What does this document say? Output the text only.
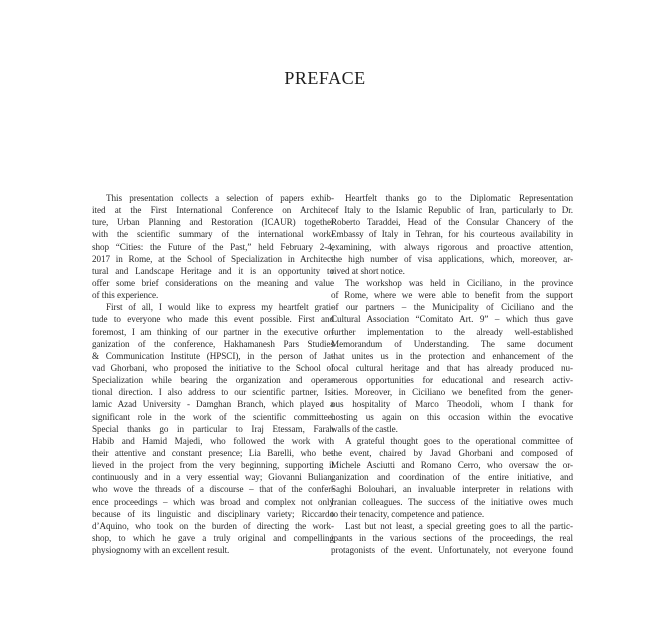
PREFACE
This presentation collects a selection of papers exhib-
ited at the First International Conference on Architec-
ture, Urban Planning and Restoration (ICAUR) together
with the scientific summary of the international work-
shop “Cities: the Future of the Past,” held February 2-4,
2017 in Rome, at the School of Specialization in Architec-
tural and Landscape Heritage and it is an opportunity to
offer some brief considerations on the meaning and value
of this experience.
First of all, I would like to express my heartfelt grati-
tude to everyone who made this event possible. First and
foremost, I am thinking of our partner in the executive or-
ganization of the conference, Hakhamanesh Pars Studies
& Communication Institute (HPSCI), in the person of Ja-
vad Ghorbani, who proposed the initiative to the School of
Specialization while bearing the organization and opera-
tional direction. I also address to our scientific partner, Is-
lamic Azad University - Damghan Branch, which played a
significant role in the work of the scientific committee.
Special thanks go in particular to Iraj Etessam, Farah
Habib and Hamid Majedi, who followed the work with
their attentive and constant presence; Lia Barelli, who be-
lieved in the project from the very beginning, supporting it
continuously and in a very essential way; Giovanni Bulian,
who wove the threads of a discourse – that of the confer-
ence proceedings – which was broad and complex not only
because of its linguistic and disciplinary variety; Riccardo
d’Aquino, who took on the burden of directing the work-
shop, to which he gave a truly original and compelling
physiognomy with an excellent result.
Heartfelt thanks go to the Diplomatic Representation
of Italy to the Islamic Republic of Iran, particularly to Dr.
Roberto Taraddei, Head of the Consular Chancery of the
Embassy of Italy in Tehran, for his courteous availability in
examining, with always rigorous and proactive attention,
the high number of visa applications, which, moreover, ar-
rived at short notice.
The workshop was held in Ciciliano, in the province
of Rome, where we were able to benefit from the support
of our partners – the Municipality of Ciciliano and the
Cultural Association “Comitato Art. 9” – which thus gave
further implementation to the already well-established
Memorandum of Understanding. The same document
that unites us in the protection and enhancement of the
local cultural heritage and that has already produced nu-
merous opportunities for educational and research activ-
ities. Moreover, in Ciciliano we benefited from the gener-
ous hospitality of Marco Theodoli, whom I thank for
hosting us again on this occasion within the evocative
walls of the castle.
A grateful thought goes to the operational committee of
the event, chaired by Javad Ghorbani and composed of
Michele Asciutti and Romano Cerro, who oversaw the or-
ganization and coordination of the entire initiative, and
Saghi Bolouhari, an invaluable interpreter in relations with
Iranian colleagues. The success of the initiative owes much
to their tenacity, competence and patience.
Last but not least, a special greeting goes to all the partic-
ipants in the various sections of the proceedings, the real
protagonists of the event. Unfortunately, not everyone found
